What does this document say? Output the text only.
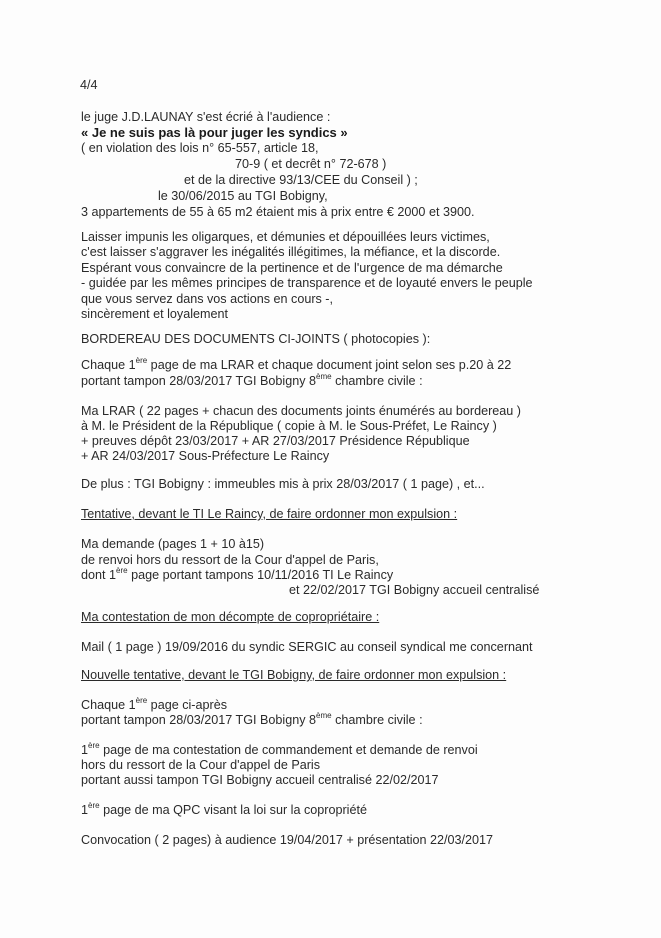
4/4
le juge J.D.LAUNAY s'est écrié à l'audience :
« Je ne suis pas là pour juger les syndics »
( en violation des lois n° 65-557, article 18,
70-9 ( et decrêt n° 72-678 )
et de la directive 93/13/CEE du Conseil ) ;
le 30/06/2015 au TGI Bobigny,
3 appartements de 55 à 65 m2 étaient mis à prix entre € 2000 et 3900.
Laisser impunis les oligarques, et démunies et dépouillées leurs victimes,
c'est laisser s'aggraver les inégalités illégitimes, la méfiance, et la discorde.
Espérant vous convaincre de la pertinence et de l'urgence de ma démarche
- guidée par les mêmes principes de transparence et de loyauté envers le peuple
que vous servez dans vos actions en cours -,
sincèrement et loyalement
BORDEREAU DES DOCUMENTS CI-JOINTS ( photocopies ):
Chaque 1ère page de ma LRAR et chaque document joint selon ses p.20 à 22
portant tampon 28/03/2017 TGI Bobigny 8ème chambre civile :
Ma LRAR ( 22 pages + chacun des documents joints énumérés au bordereau )
à M. le Président de la République ( copie à M. le Sous-Préfet, Le Raincy )
+ preuves dépôt 23/03/2017 + AR 27/03/2017 Présidence République
+ AR 24/03/2017 Sous-Préfecture Le Raincy
De plus : TGI Bobigny : immeubles mis à prix 28/03/2017 ( 1 page) , et...
Tentative, devant le TI Le Raincy, de faire ordonner mon expulsion :
Ma demande (pages 1 + 10 à15)
de renvoi hors du ressort de la Cour d'appel de Paris,
dont 1ère page portant tampons 10/11/2016 TI Le Raincy
et 22/02/2017 TGI Bobigny accueil centralisé
Ma contestation de mon décompte de copropriétaire :
Mail ( 1 page ) 19/09/2016 du syndic SERGIC au conseil syndical me concernant
Nouvelle tentative, devant le TGI Bobigny, de faire ordonner mon expulsion :
Chaque 1ère page ci-après
portant tampon 28/03/2017 TGI Bobigny 8ème chambre civile :
1ère page de ma contestation de commandement et demande de renvoi
hors du ressort de la Cour d'appel de Paris
portant aussi tampon TGI Bobigny accueil centralisé 22/02/2017
1ère page de ma QPC visant la loi sur la copropriété
Convocation ( 2 pages) à audience 19/04/2017 + présentation 22/03/2017
